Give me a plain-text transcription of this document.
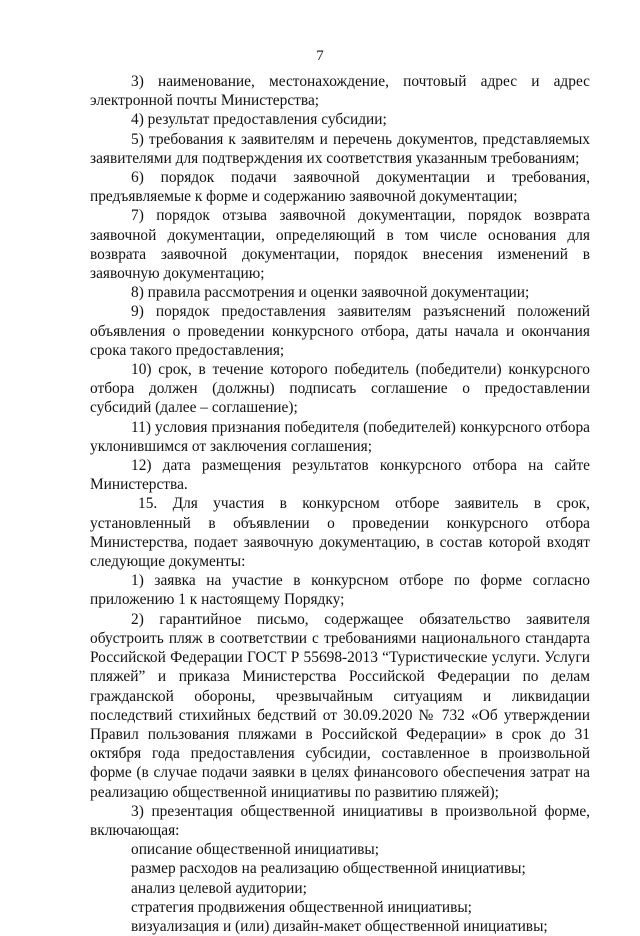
7

3) наименование, местонахождение, почтовый адрес и адрес электронной почты Министерства;

4) результат предоставления субсидии;

5) требования к заявителям и перечень документов, представляемых заявителями для подтверждения их соответствия указанным требованиям;

6) порядок подачи заявочной документации и требования, предъявляемые к форме и содержанию заявочной документации;

7) порядок отзыва заявочной документации, порядок возврата заявочной документации, определяющий в том числе основания для возврата заявочной документации, порядок внесения изменений в заявочную документацию;

8) правила рассмотрения и оценки заявочной документации;

9) порядок предоставления заявителям разъяснений положений объявления о проведении конкурсного отбора, даты начала и окончания срока такого предоставления;

10) срок, в течение которого победитель (победители) конкурсного отбора должен (должны) подписать соглашение о предоставлении субсидий (далее – соглашение);

11) условия признания победителя (победителей) конкурсного отбора уклонившимся от заключения соглашения;

12) дата размещения результатов конкурсного отбора на сайте Министерства.

15. Для участия в конкурсном отборе заявитель в срок, установленный в объявлении о проведении конкурсного отбора Министерства, подает заявочную документацию, в состав которой входят следующие документы:

1) заявка на участие в конкурсном отборе по форме согласно приложению 1 к настоящему Порядку;

2) гарантийное письмо, содержащее обязательство заявителя обустроить пляж в соответствии с требованиями национального стандарта Российской Федерации ГОСТ Р 55698-2013 “Туристические услуги. Услуги пляжей” и приказа Министерства Российской Федерации по делам гражданской обороны, чрезвычайным ситуациям и ликвидации последствий стихийных бедствий от 30.09.2020 № 732 «Об утверждении Правил пользования пляжами в Российской Федерации» в срок до 31 октября года предоставления субсидии, составленное в произвольной форме (в случае подачи заявки в целях финансового обеспечения затрат на реализацию общественной инициативы по развитию пляжей);

3) презентация общественной инициативы в произвольной форме, включающая:

описание общественной инициативы;

размер расходов на реализацию общественной инициативы;

анализ целевой аудитории;

стратегия продвижения общественной инициативы;

визуализация и (или) дизайн-макет общественной инициативы;
